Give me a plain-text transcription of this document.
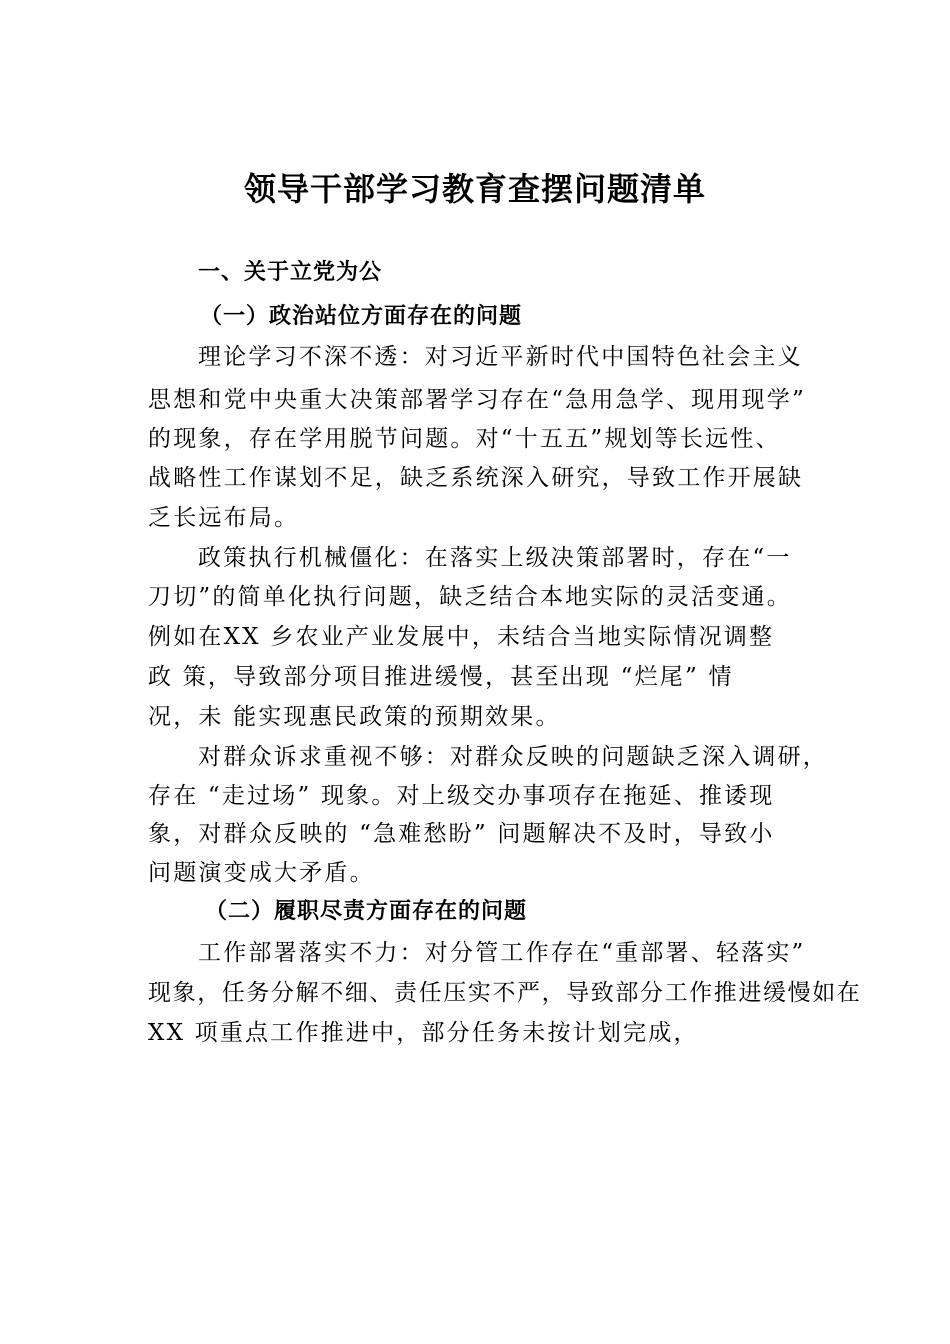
领导干部学习教育查摆问题清单
一、关于立党为公
（一）政治站位方面存在的问题
理论学习不深不透：对习近平新时代中国特色社会主义
思想和党中央重大决策部署学习存在“急用急学、现用现学”
的现象，存在学用脱节问题。对“十五五”规划等长远性、
战略性工作谋划不足，缺乏系统深入研究，导致工作开展缺
乏长远布局。
政策执行机械僵化：在落实上级决策部署时，存在“一
刀切”的简单化执行问题，缺乏结合本地实际的灵活变通。
例如在XX 乡农业产业发展中，未结合当地实际情况调整
政 策，导致部分项目推进缓慢，甚至出现 “烂尾” 情
况，未 能实现惠民政策的预期效果。
对群众诉求重视不够：对群众反映的问题缺乏深入调研，
存在 “走过场” 现象。对上级交办事项存在拖延、推诿现
象，对群众反映的 “急难愁盼” 问题解决不及时，导致小
问题演变成大矛盾。
（二）履职尽责方面存在的问题
工作部署落实不力：对分管工作存在“重部署、轻落实”
现象，任务分解不细、责任压实不严，导致部分工作推进缓慢如在
XX 项重点工作推进中，部分任务未按计划完成，
